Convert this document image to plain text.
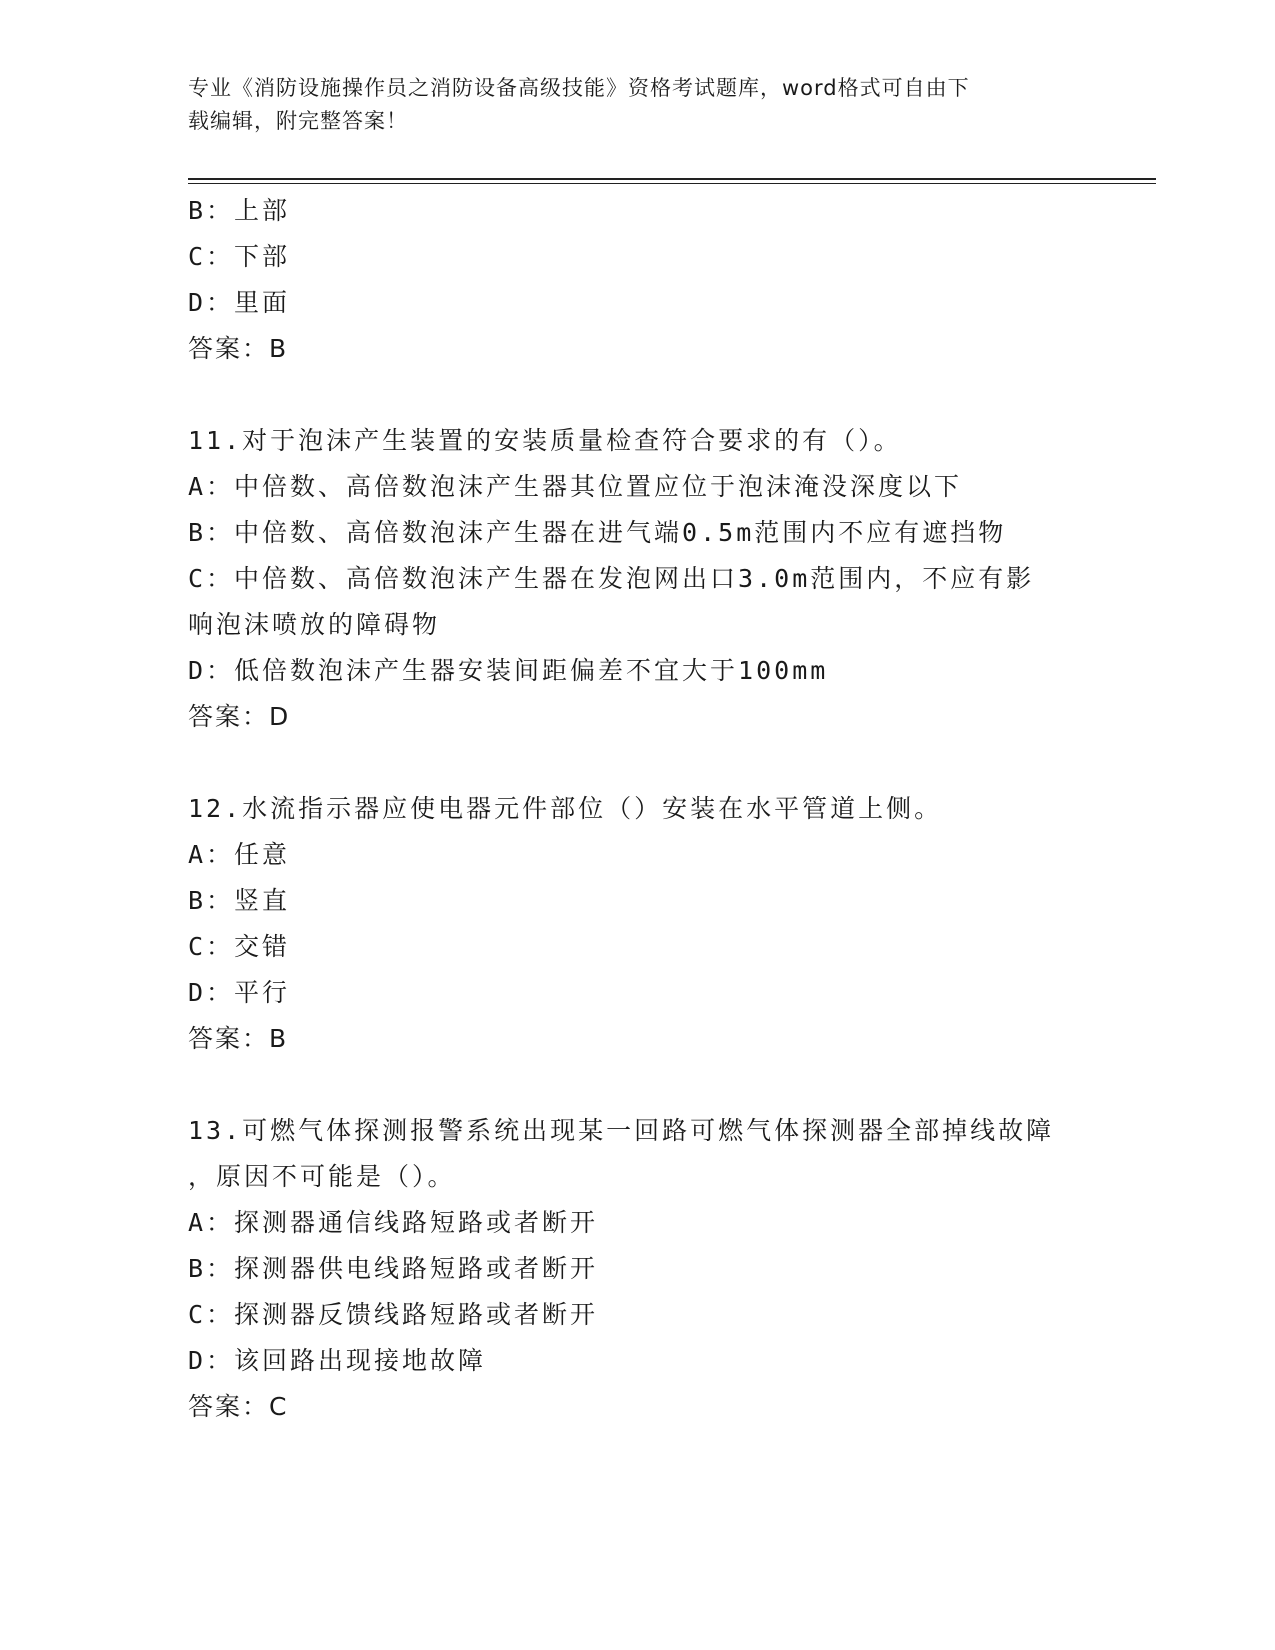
专业《消防设施操作员之消防设备高级技能》资格考试题库，word格式可自由下
载编辑，附完整答案！
B：上部
C：下部
D：里面
答案：B
11.对于泡沫产生装置的安装质量检查符合要求的有（）。
A：中倍数、高倍数泡沫产生器其位置应位于泡沫淹没深度以下
B：中倍数、高倍数泡沫产生器在进气端0.5m范围内不应有遮挡物
C：中倍数、高倍数泡沫产生器在发泡网出口3.0m范围内，不应有影
响泡沫喷放的障碍物
D：低倍数泡沫产生器安装间距偏差不宜大于100mm
答案：D
12.水流指示器应使电器元件部位（）安装在水平管道上侧。
A：任意
B：竖直
C：交错
D：平行
答案：B
13.可燃气体探测报警系统出现某一回路可燃气体探测器全部掉线故障
，原因不可能是（）。
A：探测器通信线路短路或者断开
B：探测器供电线路短路或者断开
C：探测器反馈线路短路或者断开
D：该回路出现接地故障
答案：C
